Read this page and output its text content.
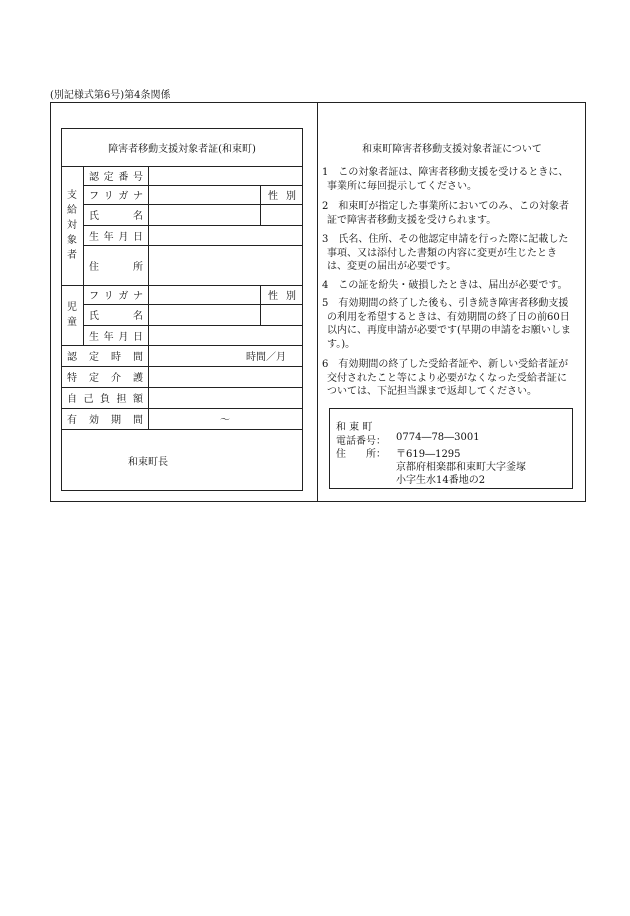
(別記様式第6号)第4条関係
障害者移動支援対象者証(和束町)
支
給
対
象
者
児
童
認 定 番 号
フ リ ガ ナ	性 別
氏	名
生 年 月 日
住	所
フ リ ガ ナ	性 別
氏	名
生 年 月 日
認 定 時 間	時間／月
特 定 介 護
自 己 負 担 額
有 効 期 間	～
和束町長
和束町障害者移動支援対象者証について
1　この対象者証は、障害者移動支援を受けるときに、
事業所に毎回提示してください。
2　和束町が指定した事業所においてのみ、この対象者
証で障害者移動支援を受けられます。
3　氏名、住所、その他認定申請を行った際に記載した
事項、又は添付した書類の内容に変更が生じたとき
は、変更の届出が必要です。
4　この証を紛失・破損したときは、届出が必要です。
5　有効期間の終了した後も、引き続き障害者移動支援
の利用を希望するときは、有効期間の終了日の前60日
以内に、再度申請が必要です(早期の申請をお願いしま
す。)。
6　有効期間の終了した受給者証や、新しい受給者証が
交付されたこと等により必要がなくなった受給者証に
ついては、下記担当課まで返却してください。
和 東 町
電話番号： 0774―78―3001
住　　所： 〒619―1295
京都府相楽郡和束町大字釜塚
小字生水14番地の2
